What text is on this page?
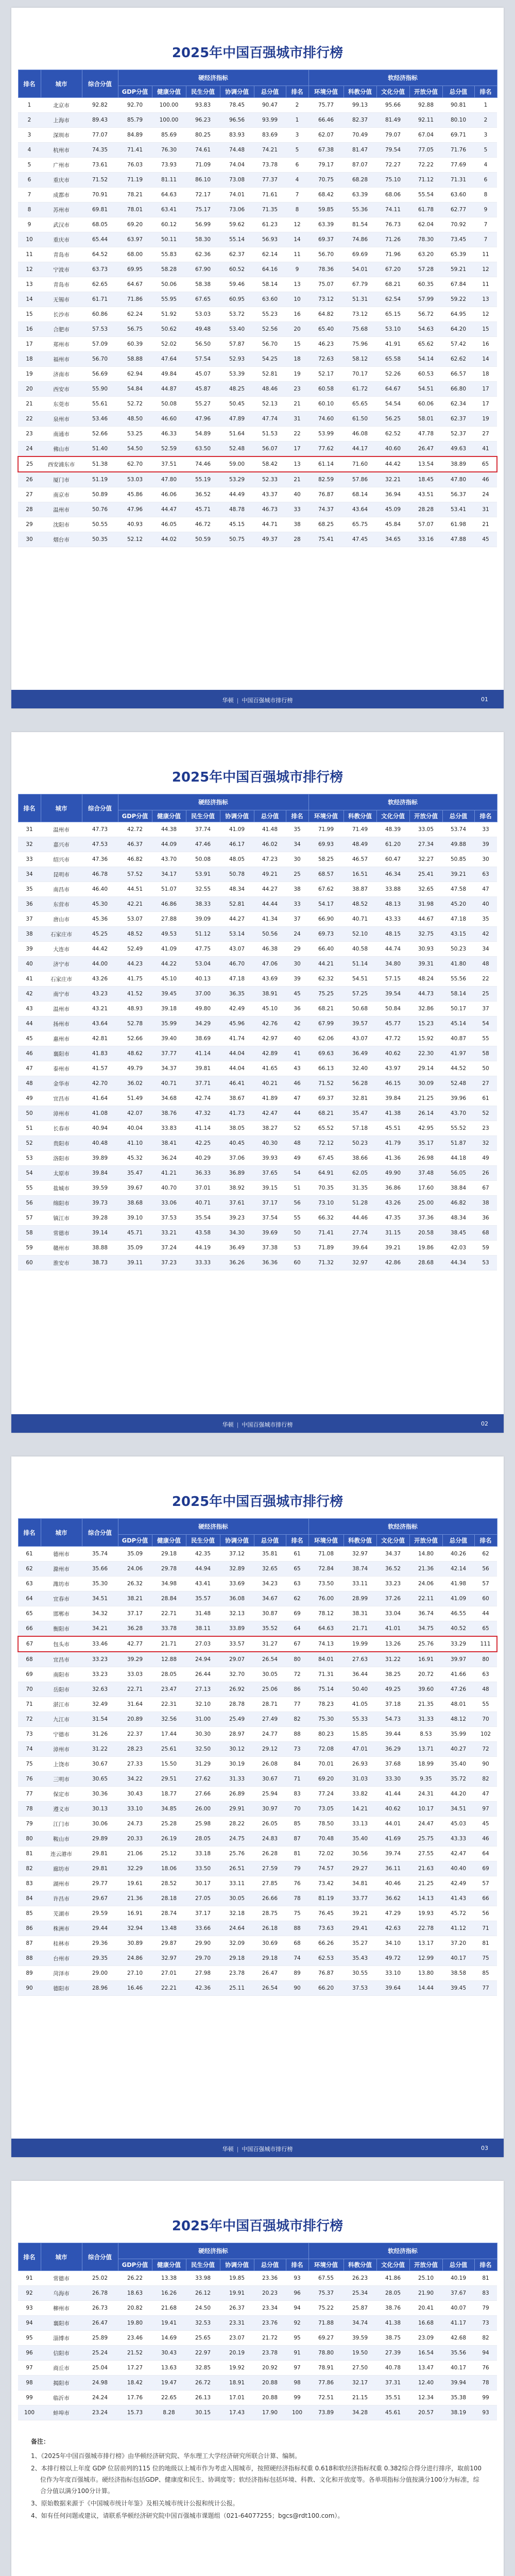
2025年中国百强城市排行榜
排名	城市	综合分值	硬经济指标						软经济指标					
			GDP分值	健康分值	民生分值	协调分值	总分值	排名	环境分值	科教分值	文化分值	开放分值	总分值	排名
1	北京市	92.82	92.70	100.00	93.83	78.45	90.47	2	75.77	99.13	95.66	92.88	90.81	1
2	上海市	89.43	85.79	100.00	96.23	96.56	93.99	1	66.46	82.37	81.49	92.11	80.10	2
3	深圳市	77.07	84.89	85.69	80.25	83.93	83.69	3	62.07	70.49	79.07	67.04	69.71	3
4	杭州市	74.35	71.41	76.30	74.61	74.48	74.21	5	67.38	81.47	79.54	77.05	71.76	5
5	广州市	73.61	76.03	73.93	71.09	74.04	73.78	6	79.17	87.07	72.27	72.22	77.69	4
6	重庆市	71.52	71.19	81.11	86.10	73.08	77.37	4	70.75	68.28	75.10	71.12	71.31	6
7	成都市	70.91	78.21	64.63	72.17	74.01	71.61	7	68.42	63.39	68.06	55.54	63.60	8
8	苏州市	69.81	78.01	63.41	75.17	73.06	71.35	8	59.85	55.36	74.11	61.78	62.77	9
9	武汉市	68.05	69.20	60.12	56.99	59.62	61.23	12	63.39	81.54	76.73	62.04	70.92	7
10	重庆市	65.44	63.97	50.11	58.30	55.14	56.93	14	69.37	74.86	71.26	78.30	73.45	7
11	青岛市	64.52	68.00	55.83	62.36	62.37	62.14	11	56.70	69.69	71.96	63.20	65.39	11
12	宁波市	63.73	69.95	58.28	67.90	60.52	64.16	9	78.36	54.01	67.20	57.28	59.21	12
13	青岛市	62.65	64.67	50.06	58.38	59.46	58.14	13	75.07	67.79	68.21	60.35	67.84	11
14	无锡市	61.71	71.86	55.95	67.65	60.95	63.60	10	73.12	51.31	62.54	57.99	59.22	13
15	长沙市	60.86	62.24	51.92	53.03	53.72	55.23	16	64.82	73.12	65.15	56.72	64.95	12
16	合肥市	57.53	56.75	50.62	49.48	53.40	52.56	20	65.40	75.68	53.10	54.63	64.20	15
17	郑州市	57.09	60.39	52.02	56.50	57.87	56.70	15	46.23	75.96	41.91	65.62	57.42	16
18	福州市	56.70	58.88	47.64	57.54	52.93	54.25	18	72.63	58.12	65.58	54.14	62.62	14
19	济南市	56.69	62.94	49.84	45.07	53.39	52.81	19	52.17	70.17	52.26	60.53	66.57	18
20	西安市	55.90	54.84	44.87	45.87	48.25	48.46	23	60.58	61.72	64.67	54.51	66.80	17
21	东莞市	55.61	52.72	50.08	55.27	50.45	52.13	21	60.10	65.65	54.54	60.06	62.34	17
22	泉州市	53.46	48.50	46.60	47.96	47.89	47.74	31	74.60	61.50	56.25	58.01	62.37	19
23	南通市	52.66	53.25	46.33	54.89	51.64	51.53	22	53.99	46.08	62.52	47.78	52.37	27
24	佛山市	51.40	54.50	52.59	63.50	52.48	56.07	17	77.62	44.17	40.60	26.47	49.63	41
25	西安浦东市	51.38	62.70	37.51	74.46	59.00	58.42	13	61.14	71.60	44.42	13.54	38.89	65
26	厦门市	51.19	53.03	47.80	55.19	53.29	52.33	21	82.59	57.86	32.21	18.45	47.80	46
27	南京市	50.89	45.86	46.06	36.52	44.49	43.37	40	76.87	68.14	36.94	43.51	56.37	24
28	温州市	50.76	47.96	44.47	45.71	48.78	46.73	33	74.37	43.64	45.09	28.28	53.41	31
29	沈阳市	50.55	40.93	46.05	46.72	45.15	44.71	38	68.25	65.75	45.84	57.07	61.98	21
30	烟台市	50.35	52.12	44.02	50.59	50.75	49.37	28	75.41	47.45	34.65	33.16	47.88	45
华顿 | 中国百强城市排行榜	01
2025年中国百强城市排行榜
排名	城市	综合分值	硬经济指标						软经济指标					
			GDP分值	健康分值	民生分值	协调分值	总分值	排名	环境分值	科教分值	文化分值	开放分值	总分值	排名
31	温州市	47.73	42.72	44.38	37.74	41.09	41.48	35	71.99	71.49	48.39	33.05	53.74	33
32	嘉兴市	47.53	46.37	44.09	47.46	46.17	46.02	34	69.93	48.49	61.20	27.34	49.88	39
33	绍兴市	47.36	46.82	43.70	50.08	48.05	47.23	30	58.25	46.57	60.47	32.27	50.85	30
34	昆明市	46.78	57.52	34.17	53.91	50.78	49.21	25	68.57	16.51	46.34	25.41	39.21	63
35	南昌市	46.40	44.51	51.07	32.55	48.34	44.27	38	67.62	38.87	33.88	32.65	47.58	47
36	东营市	45.30	42.21	46.86	38.33	52.81	44.44	33	54.17	48.52	48.13	31.98	45.20	40
37	唐山市	45.36	53.07	27.88	39.09	44.27	41.34	37	66.90	40.71	43.33	44.67	47.18	35
38	石家庄市	45.25	48.52	49.53	51.12	53.14	50.56	24	69.73	52.10	48.15	32.75	43.15	42
39	大连市	44.42	52.49	41.09	47.75	43.07	46.38	29	66.40	40.58	44.74	30.93	50.23	34
40	济宁市	44.00	44.23	44.22	53.04	46.70	47.06	30	44.21	51.14	34.80	39.31	41.80	48
41	石家庄市	43.26	41.75	45.10	40.13	47.18	43.69	39	62.32	54.51	57.15	48.24	55.56	22
42	南宁市	43.23	41.52	39.45	37.00	36.35	38.91	45	75.25	57.25	39.54	44.73	58.14	25
43	温州市	43.21	48.93	39.18	49.80	42.49	45.10	36	68.21	50.68	50.84	32.86	50.17	37
44	扬州市	43.64	52.78	35.99	34.29	45.96	42.76	42	67.99	39.57	45.77	15.23	45.14	54
45	惠州市	42.81	52.66	39.40	38.69	41.74	42.97	40	62.06	43.07	47.72	15.92	40.87	55
46	襄阳市	41.83	48.62	37.77	41.14	44.04	42.89	41	69.63	36.49	40.62	22.30	41.97	58
47	泰州市	41.57	49.79	34.37	39.81	44.04	41.65	43	66.13	32.40	43.97	29.14	44.52	50
48	金华市	42.70	36.02	40.71	37.71	46.41	40.21	46	71.52	56.28	46.15	30.09	52.48	27
49	宜昌市	41.64	51.49	34.68	42.74	38.67	41.89	47	69.37	32.81	39.84	21.25	39.96	61
50	漳州市	41.08	42.07	38.76	47.32	41.73	42.47	44	68.21	35.47	41.38	26.14	43.70	52
51	长春市	40.94	40.04	33.83	41.14	38.05	38.27	52	65.52	57.18	45.51	42.95	55.52	23
52	贵阳市	40.48	41.10	38.41	42.25	40.45	40.30	48	72.12	50.23	41.79	35.17	51.87	32
53	洛阳市	39.89	45.32	36.24	40.29	37.06	39.93	49	67.45	38.66	41.36	26.98	44.18	49
54	太原市	39.84	35.47	41.21	36.33	36.89	37.65	54	64.91	62.05	49.90	37.48	56.05	26
55	盐城市	39.59	39.67	40.70	37.01	38.92	39.15	51	70.35	31.35	36.86	17.60	38.84	67
56	绵阳市	39.73	38.68	33.06	40.71	37.61	37.17	56	73.10	51.28	43.26	25.00	46.82	38
57	镇江市	39.28	39.10	37.53	35.54	39.23	37.54	55	66.32	44.46	47.35	37.36	48.34	36
58	常德市	39.14	45.71	33.21	43.58	34.30	39.69	50	71.41	27.74	31.15	20.58	38.45	68
59	赣州市	38.88	35.09	37.24	44.19	36.49	37.38	53	71.89	39.64	39.21	19.86	42.03	59
60	淮安市	38.73	39.11	37.23	33.33	36.26	36.36	60	71.32	32.97	42.86	28.68	44.34	53
华顿 | 中国百强城市排行榜	02
2025年中国百强城市排行榜
排名	城市	综合分值	硬经济指标						软经济指标					
			GDP分值	健康分值	民生分值	协调分值	总分值	排名	环境分值	科教分值	文化分值	开放分值	总分值	排名
61	德州市	35.74	35.09	29.18	42.35	37.12	35.81	61	71.08	32.97	34.37	14.80	40.26	62
62	滁州市	35.66	24.06	29.78	44.94	32.89	32.65	65	72.84	38.74	36.52	21.36	42.14	56
63	潍坊市	35.30	26.32	34.98	43.41	33.69	34.23	63	73.50	33.11	33.23	24.06	41.98	57
64	宜春市	34.51	38.21	28.84	35.57	36.08	34.67	62	76.00	28.99	37.26	22.11	41.09	60
65	邯郸市	34.32	37.17	22.71	31.48	32.13	30.87	69	78.12	38.31	33.04	36.74	46.55	44
66	衡阳市	34.21	36.28	33.78	38.11	33.89	35.52	64	64.63	21.71	41.01	34.75	40.52	65
67	包头市	33.46	42.77	21.71	27.03	33.57	31.27	67	74.13	19.99	13.26	25.76	33.29	111
68	宜昌市	33.23	39.29	12.88	24.94	29.07	26.54	80	84.01	27.63	31.22	16.91	39.97	80
69	南阳市	33.23	33.03	28.05	26.44	32.70	30.05	72	71.31	36.44	38.25	20.72	41.66	63
70	岳阳市	32.63	22.71	23.47	27.13	26.92	25.06	86	75.14	50.40	49.25	39.60	47.26	48
71	湛江市	32.49	31.64	22.31	32.10	28.78	28.71	77	78.23	41.05	37.18	21.35	48.01	55
72	九江市	31.54	20.89	32.56	31.00	25.49	27.49	82	75.30	55.33	54.73	31.33	48.12	70
73	宁德市	31.26	22.37	17.44	30.30	28.97	24.77	88	80.23	15.85	39.44	8.53	35.99	102
74	漳州市	31.22	28.23	25.61	32.50	30.12	29.12	73	72.08	47.01	36.29	13.71	40.27	72
75	上饶市	30.67	27.33	15.50	31.29	30.19	26.08	84	70.01	26.93	37.68	18.99	35.40	90
76	三明市	30.65	34.22	29.51	27.62	31.33	30.67	71	69.20	31.03	33.30	9.35	35.72	82
77	保定市	30.36	30.43	18.77	27.66	26.89	25.94	83	77.24	33.82	41.44	24.31	44.20	47
78	遵义市	30.13	33.10	34.85	26.00	29.91	30.97	70	73.05	14.21	40.62	10.17	34.51	97
79	江门市	30.06	24.73	25.28	25.98	28.22	26.05	85	78.50	33.13	44.01	24.47	45.03	45
80	鞍山市	29.89	20.33	26.19	28.05	24.75	24.83	87	70.48	35.40	41.69	25.75	43.33	46
81	连云港市	29.81	21.06	25.12	33.18	25.76	26.28	81	72.02	30.56	39.74	27.55	42.47	64
82	廊坊市	29.81	32.29	18.06	33.50	26.51	27.59	79	74.57	29.27	36.11	21.63	40.40	69
83	湖州市	29.77	19.61	28.52	30.17	33.11	27.85	76	73.42	34.81	40.46	21.25	42.49	57
84	许昌市	29.67	21.36	28.18	27.05	30.05	26.66	78	81.19	33.77	36.62	14.13	41.43	66
85	芜湖市	29.59	16.91	28.74	37.17	32.18	28.75	75	76.45	39.21	47.29	19.93	45.72	56
86	株洲市	29.44	32.94	13.48	33.66	24.64	26.18	88	73.63	29.41	42.63	22.78	41.12	71
87	桂林市	29.36	30.89	29.87	29.90	32.09	30.69	68	66.26	35.27	34.10	13.17	37.20	81
88	台州市	29.35	24.86	32.97	29.70	29.18	29.18	74	62.53	35.43	49.72	12.99	40.17	75
89	菏泽市	29.00	27.10	27.01	27.98	23.78	26.47	89	76.87	30.55	33.10	13.80	38.58	85
90	德阳市	28.96	16.46	22.21	42.36	25.11	26.54	90	66.20	37.53	39.64	14.44	39.45	77
华顿 | 中国百强城市排行榜	03
2025年中国百强城市排行榜
排名	城市	综合分值	硬经济指标						软经济指标					
			GDP分值	健康分值	民生分值	协调分值	总分值	排名	环境分值	科教分值	文化分值	开放分值	总分值	排名
91	常德市	25.02	26.22	13.38	33.98	19.85	23.36	93	67.55	26.23	41.86	25.10	40.19	81
92	乌海市	26.78	18.63	16.26	26.12	19.91	20.23	96	75.37	25.34	28.05	21.90	37.67	83
93	柳州市	26.73	20.82	21.68	24.50	26.37	23.34	94	75.22	25.87	38.76	20.41	40.07	79
94	襄阳市	26.47	19.80	19.41	32.53	23.31	23.76	92	71.88	34.74	41.38	16.68	41.17	73
95	淄博市	25.89	23.46	14.69	25.65	23.07	21.72	95	69.27	39.59	38.75	23.09	42.68	82
96	信阳市	25.24	21.52	30.43	22.97	20.19	23.78	91	78.80	19.50	27.39	16.54	35.56	94
97	商丘市	25.04	17.27	13.63	32.85	19.92	20.92	97	78.91	27.50	40.78	13.47	40.17	76
98	揭阳市	24.98	18.42	19.47	26.72	18.91	20.88	98	77.86	32.17	37.31	12.40	39.94	78
99	临沂市	24.24	17.76	22.65	26.13	17.01	20.88	99	72.51	21.15	35.51	12.34	35.38	99
100	蚌埠市	23.24	15.73	8.28	30.15	17.43	17.90	100	73.89	34.28	45.61	20.57	38.19	93
备注：
1、《2025年中国百强城市排行榜》由华顿经济研究院、华东理工大学经济研究所联合计算、编制。
2、本排行榜以上年度 GDP 位居前列的115 位的地级以上城市作为考虑入围城市，按照硬经济指标权重 0.618和软经济指标权重 0.382综合得分进行排序，取前100位作为年度百强城市。硬经济指标包括GDP、健康度和民生、协调度等；软经济指标包括环境、科教、文化和开放度等。各单项指标分值按满分100分为标准，综合分值以满分100分计算。
3、原始数据来源于《中国城市统计年鉴》及相关城市统计公报和统计公报。
4、如有任何问题或建议，请联系华顿经济研究院中国百强城市课题组（021-64077255；bgcs@rdt100.com）。
